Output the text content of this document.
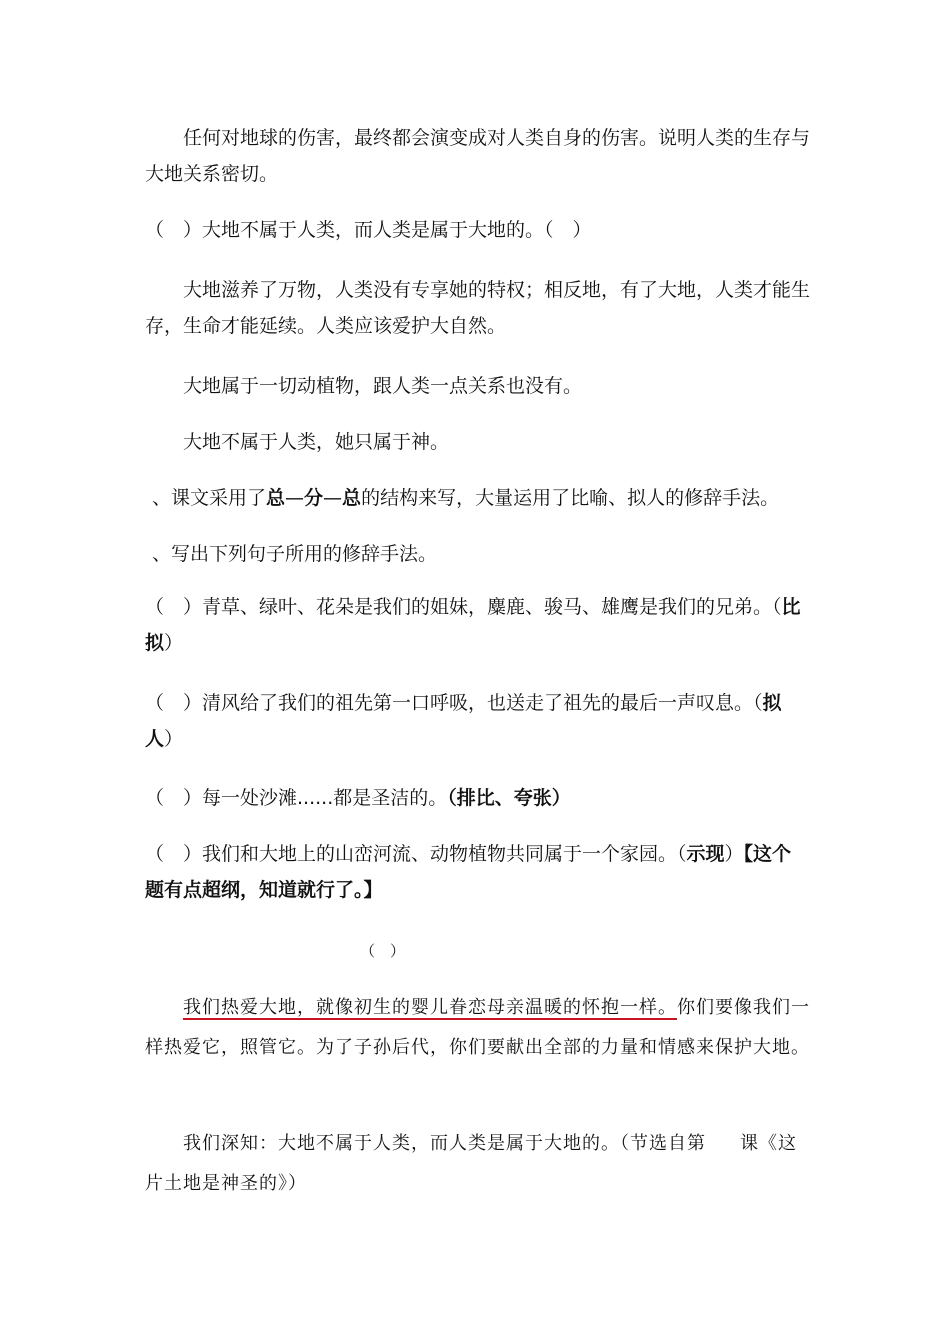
任何对地球的伤害，最终都会演变成对人类自身的伤害。说明人类的生存与大地关系密切。

（　）大地不属于人类，而人类是属于大地的。（　）

大地滋养了万物，人类没有专享她的特权；相反地，有了大地，人类才能生存，生命才能延续。人类应该爱护大自然。

大地属于一切动植物，跟人类一点关系也没有。

大地不属于人类，她只属于神。

、课文采用了总—分—总的结构来写，大量运用了比喻、拟人的修辞手法。

、写出下列句子所用的修辞手法。

（　）青草、绿叶、花朵是我们的姐妹，麋鹿、骏马、雄鹰是我们的兄弟。（比拟）

（　）清风给了我们的祖先第一口呼吸，也送走了祖先的最后一声叹息。（拟人）

（　）每一处沙滩......都是圣洁的。（排比、夸张）

（　）我们和大地上的山峦河流、动物植物共同属于一个家园。（示现）【这个题有点超纲，知道就行了。】

（　）

我们热爱大地，就像初生的婴儿眷恋母亲温暖的怀抱一样。你们要像我们一样热爱它，照管它。为了子孙后代，你们要献出全部的力量和情感来保护大地。

我们深知：大地不属于人类，而人类是属于大地的。（节选自第 课《这片土地是神圣的》）
